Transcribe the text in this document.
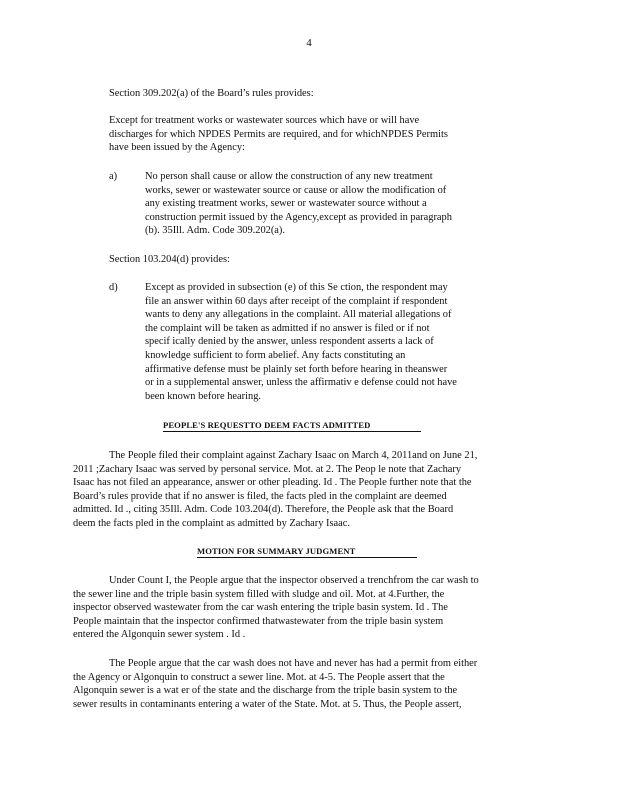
4
Section 309.202(a) of the Board’s rules provides:
Except for treatment works or wastewater sources which have or will have
discharges for which NPDES Permits are required, and for whichNPDES Permits
have been issued by the Agency:
a)	No person shall cause or allow the construction of any new treatment
works, sewer or wastewater source or cause or allow the modification of
any existing treatment works, sewer or wastewater source without a
construction permit issued by the Agency,except as provided in paragraph
(b). 35Ill. Adm. Code 309.202(a).
Section 103.204(d) provides:
d)	Except as provided in subsection (e) of this Se ction, the respondent may
file an answer within 60 days after receipt of the complaint if respondent
wants to deny any allegations in the complaint. All material allegations of
the complaint will be taken as admitted if no answer is filed or if not
specif ically denied by the answer, unless respondent asserts a lack of
knowledge sufficient to form abelief. Any facts constituting an
affirmative defense must be plainly set forth before hearing in theanswer
or in a supplemental answer, unless the affirmativ e defense could not have
been known before hearing.
PEOPLE'S REQUESTTO DEEM FACTS ADMITTED
The People filed their complaint against Zachary Isaac on March 4, 2011and on June 21,
2011 ;Zachary Isaac was served by personal service. Mot. at 2. The Peop le note that Zachary
Isaac has not filed an appearance, answer or other pleading. Id . The People further note that the
Board’s rules provide that if no answer is filed, the facts pled in the complaint are deemed
admitted. Id ., citing 35Ill. Adm. Code 103.204(d). Therefore, the People ask that the Board
deem the facts pled in the complaint as admitted by Zachary Isaac.
MOTION FOR SUMMARY JUDGMENT
Under Count I, the People argue that the inspector observed a trenchfrom the car wash to
the sewer line and the triple basin system filled with sludge and oil. Mot. at 4.Further, the
inspector observed wastewater from the car wash entering the triple basin system. Id . The
People maintain that the inspector confirmed thatwastewater from the triple basin system
entered the Algonquin sewer system . Id .
The People argue that the car wash does not have and never has had a permit from either
the Agency or Algonquin to construct a sewer line. Mot. at 4-5. The People assert that the
Algonquin sewer is a wat er of the state and the discharge from the triple basin system to the
sewer results in contaminants entering a water of the State. Mot. at 5. Thus, the People assert,
